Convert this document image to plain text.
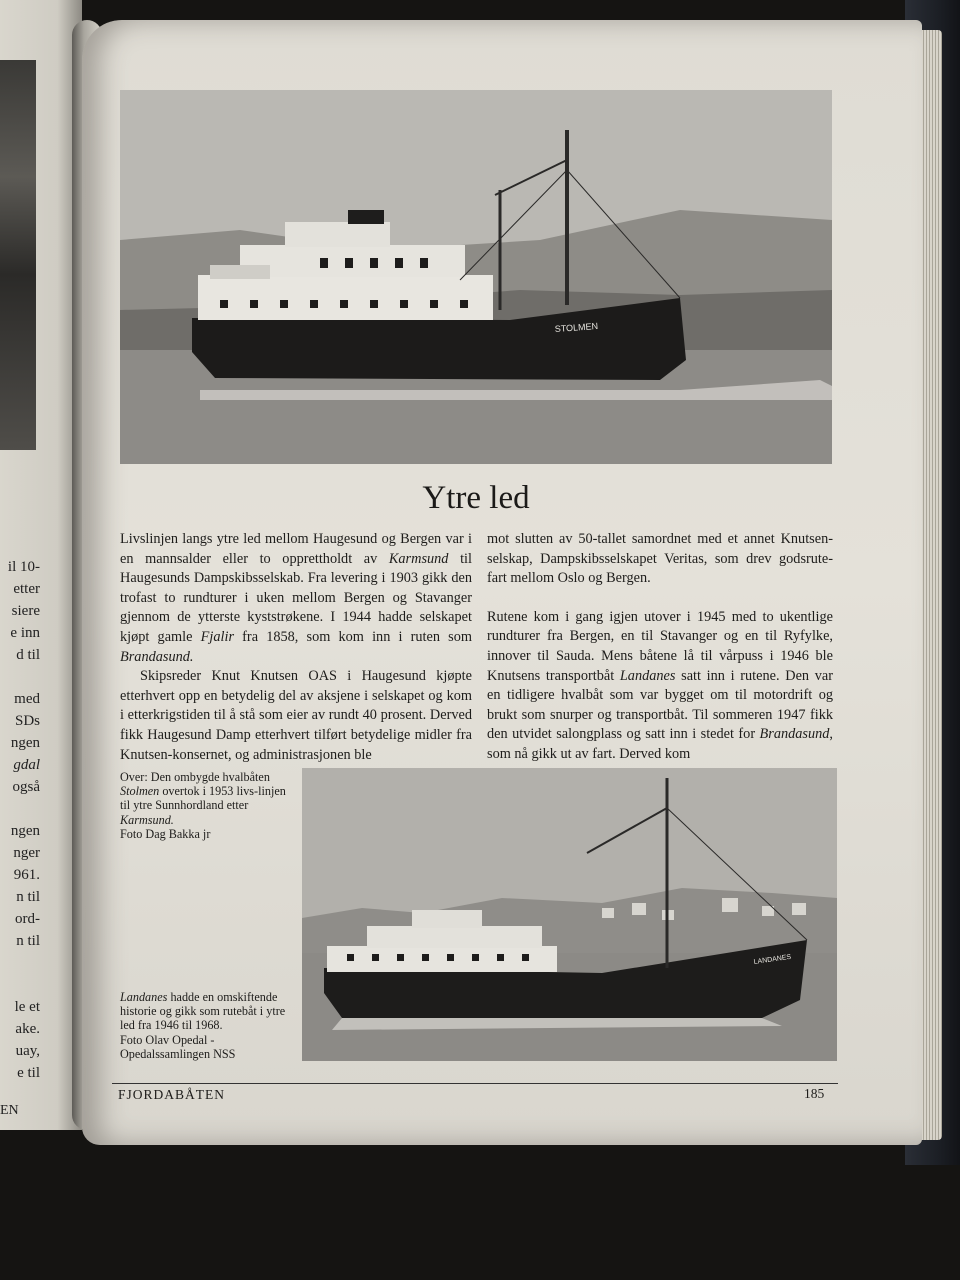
il 10-
etter
siere
e inn
d til
med
SDs
ngen
gdal
også
ngen
nger
961.
n til
ord-
n til
le et
ake.
uay,
e til
EN
STOLMEN
Ytre led

Livslinjen langs ytre led mellom Haugesund og Bergen var i en mannsalder eller to opprettholdt av Karmsund til Haugesunds Dampskibsselskab. Fra levering i 1903 gikk den trofast to rundturer i uken mellom Bergen og Stavanger gjennom de ytterste kyststrøkene. I 1944 hadde selskapet kjøpt gamle Fjalir fra 1858, som kom inn i ruten som Brandasund.

Skipsreder Knut Knutsen OAS i Haugesund kjøpte etterhvert opp en betydelig del av aksjene i selskapet og kom i etterkrigstiden til å stå som eier av rundt 40 prosent. Derved fikk Haugesund Damp etterhvert tilført betydelige midler fra Knutsen-konsernet, og administrasjonen ble

mot slutten av 50-tallet samordnet med et annet Knutsen-selskap, Dampskibsselskapet Veritas, som drev godsrute-fart mellom Oslo og Bergen.

Rutene kom i gang igjen utover i 1945 med to ukentlige rundturer fra Bergen, en til Stavanger og en til Ryfylke, innover til Sauda. Mens båtene lå til vårpuss i 1946 ble Knutsens transportbåt Landanes satt inn i rutene. Den var en tidligere hvalbåt som var bygget om til motordrift og brukt som snurper og transportbåt. Til sommeren 1947 fikk den utvidet salongplass og satt inn i stedet for Brandasund, som nå gikk ut av fart. Derved kom

Over: Den ombygde hvalbåten Stolmen overtok i 1953 livs-linjen til ytre Sunnhordland etter Karmsund.
Foto Dag Bakka jr
LANDANES
Landanes hadde en omskiftende historie og gikk som rutebåt i ytre led fra 1946 til 1968.
Foto Olav Opedal -
Opedalssamlingen NSS
FJORDABÅTEN	185
